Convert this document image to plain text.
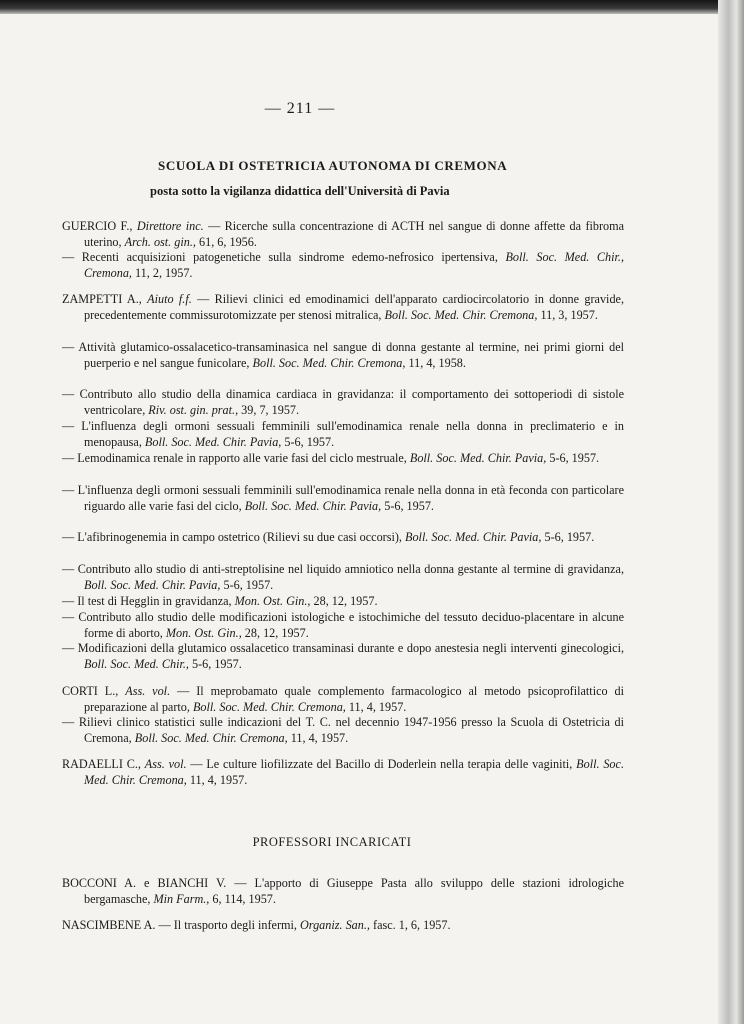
— 211 —
SCUOLA DI OSTETRICIA AUTONOMA DI CREMONA
posta sotto la vigilanza didattica dell'Università di Pavia
GUERCIO F., Direttore inc. — Ricerche sulla concentrazione di ACTH nel sangue di donne affette da fibroma uterino, Arch. ost. gin., 61, 6, 1956.
— Recenti acquisizioni patogenetiche sulla sindrome edemo-nefrosico ipertensiva, Boll. Soc. Med. Chir., Cremona, 11, 2, 1957.
ZAMPETTI A., Aiuto f.f. — Rilievi clinici ed emodinamici dell'apparato cardiocircolatorio in donne gravide, precedentemente commissurotomizzate per stenosi mitralica, Boll. Soc. Med. Chir. Cremona, 11, 3, 1957.
— Attività glutamico-ossalacetico-transaminasica nel sangue di donna gestante al termine, nei primi giorni del puerperio e nel sangue funicolare, Boll. Soc. Med. Chir. Cremona, 11, 4, 1958.
— Contributo allo studio della dinamica cardiaca in gravidanza: il comportamento dei sottoperiodi di sistole ventricolare, Riv. ost. gin. prat., 39, 7, 1957.
— L'influenza degli ormoni sessuali femminili sull'emodinamica renale nella donna in preclimaterio e in menopausa, Boll. Soc. Med. Chir. Pavia, 5-6, 1957.
— Lemodinamica renale in rapporto alle varie fasi del ciclo mestruale, Boll. Soc. Med. Chir. Pavia, 5-6, 1957.
— L'influenza degli ormoni sessuali femminili sull'emodinamica renale nella donna in età feconda con particolare riguardo alle varie fasi del ciclo, Boll. Soc. Med. Chir. Pavia, 5-6, 1957.
— L'afibrinogenemia in campo ostetrico (Rilievi su due casi occorsi), Boll. Soc. Med. Chir. Pavia, 5-6, 1957.
— Contributo allo studio di anti-streptolisine nel liquido amniotico nella donna gestante al termine di gravidanza, Boll. Soc. Med. Chir. Pavia, 5-6, 1957.
— Il test di Hegglin in gravidanza, Mon. Ost. Gin., 28, 12, 1957.
— Contributo allo studio delle modificazioni istologiche e istochimiche del tessuto deciduo-placentare in alcune forme di aborto, Mon. Ost. Gin., 28, 12, 1957.
— Modificazioni della glutamico ossalacetico transaminasi durante e dopo anestesia negli interventi ginecologici, Boll. Soc. Med. Chir., 5-6, 1957.
CORTI L., Ass. vol. — Il meprobamato quale complemento farmacologico al metodo psicoprofilattico di preparazione al parto, Boll. Soc. Med. Chir. Cremona, 11, 4, 1957.
— Rilievi clinico statistici sulle indicazioni del T. C. nel decennio 1947-1956 presso la Scuola di Ostetricia di Cremona, Boll. Soc. Med. Chir. Cremona, 11, 4, 1957.
RADAELLI C., Ass. vol. — Le culture liofilizzate del Bacillo di Doderlein nella terapia delle vaginiti, Boll. Soc. Med. Chir. Cremona, 11, 4, 1957.
PROFESSORI INCARICATI
BOCCONI A. e BIANCHI V. — L'apporto di Giuseppe Pasta allo sviluppo delle stazioni idrologiche bergamasche, Min Farm., 6, 114, 1957.
NASCIMBENE A. — Il trasporto degli infermi, Organiz. San., fasc. 1, 6, 1957.
